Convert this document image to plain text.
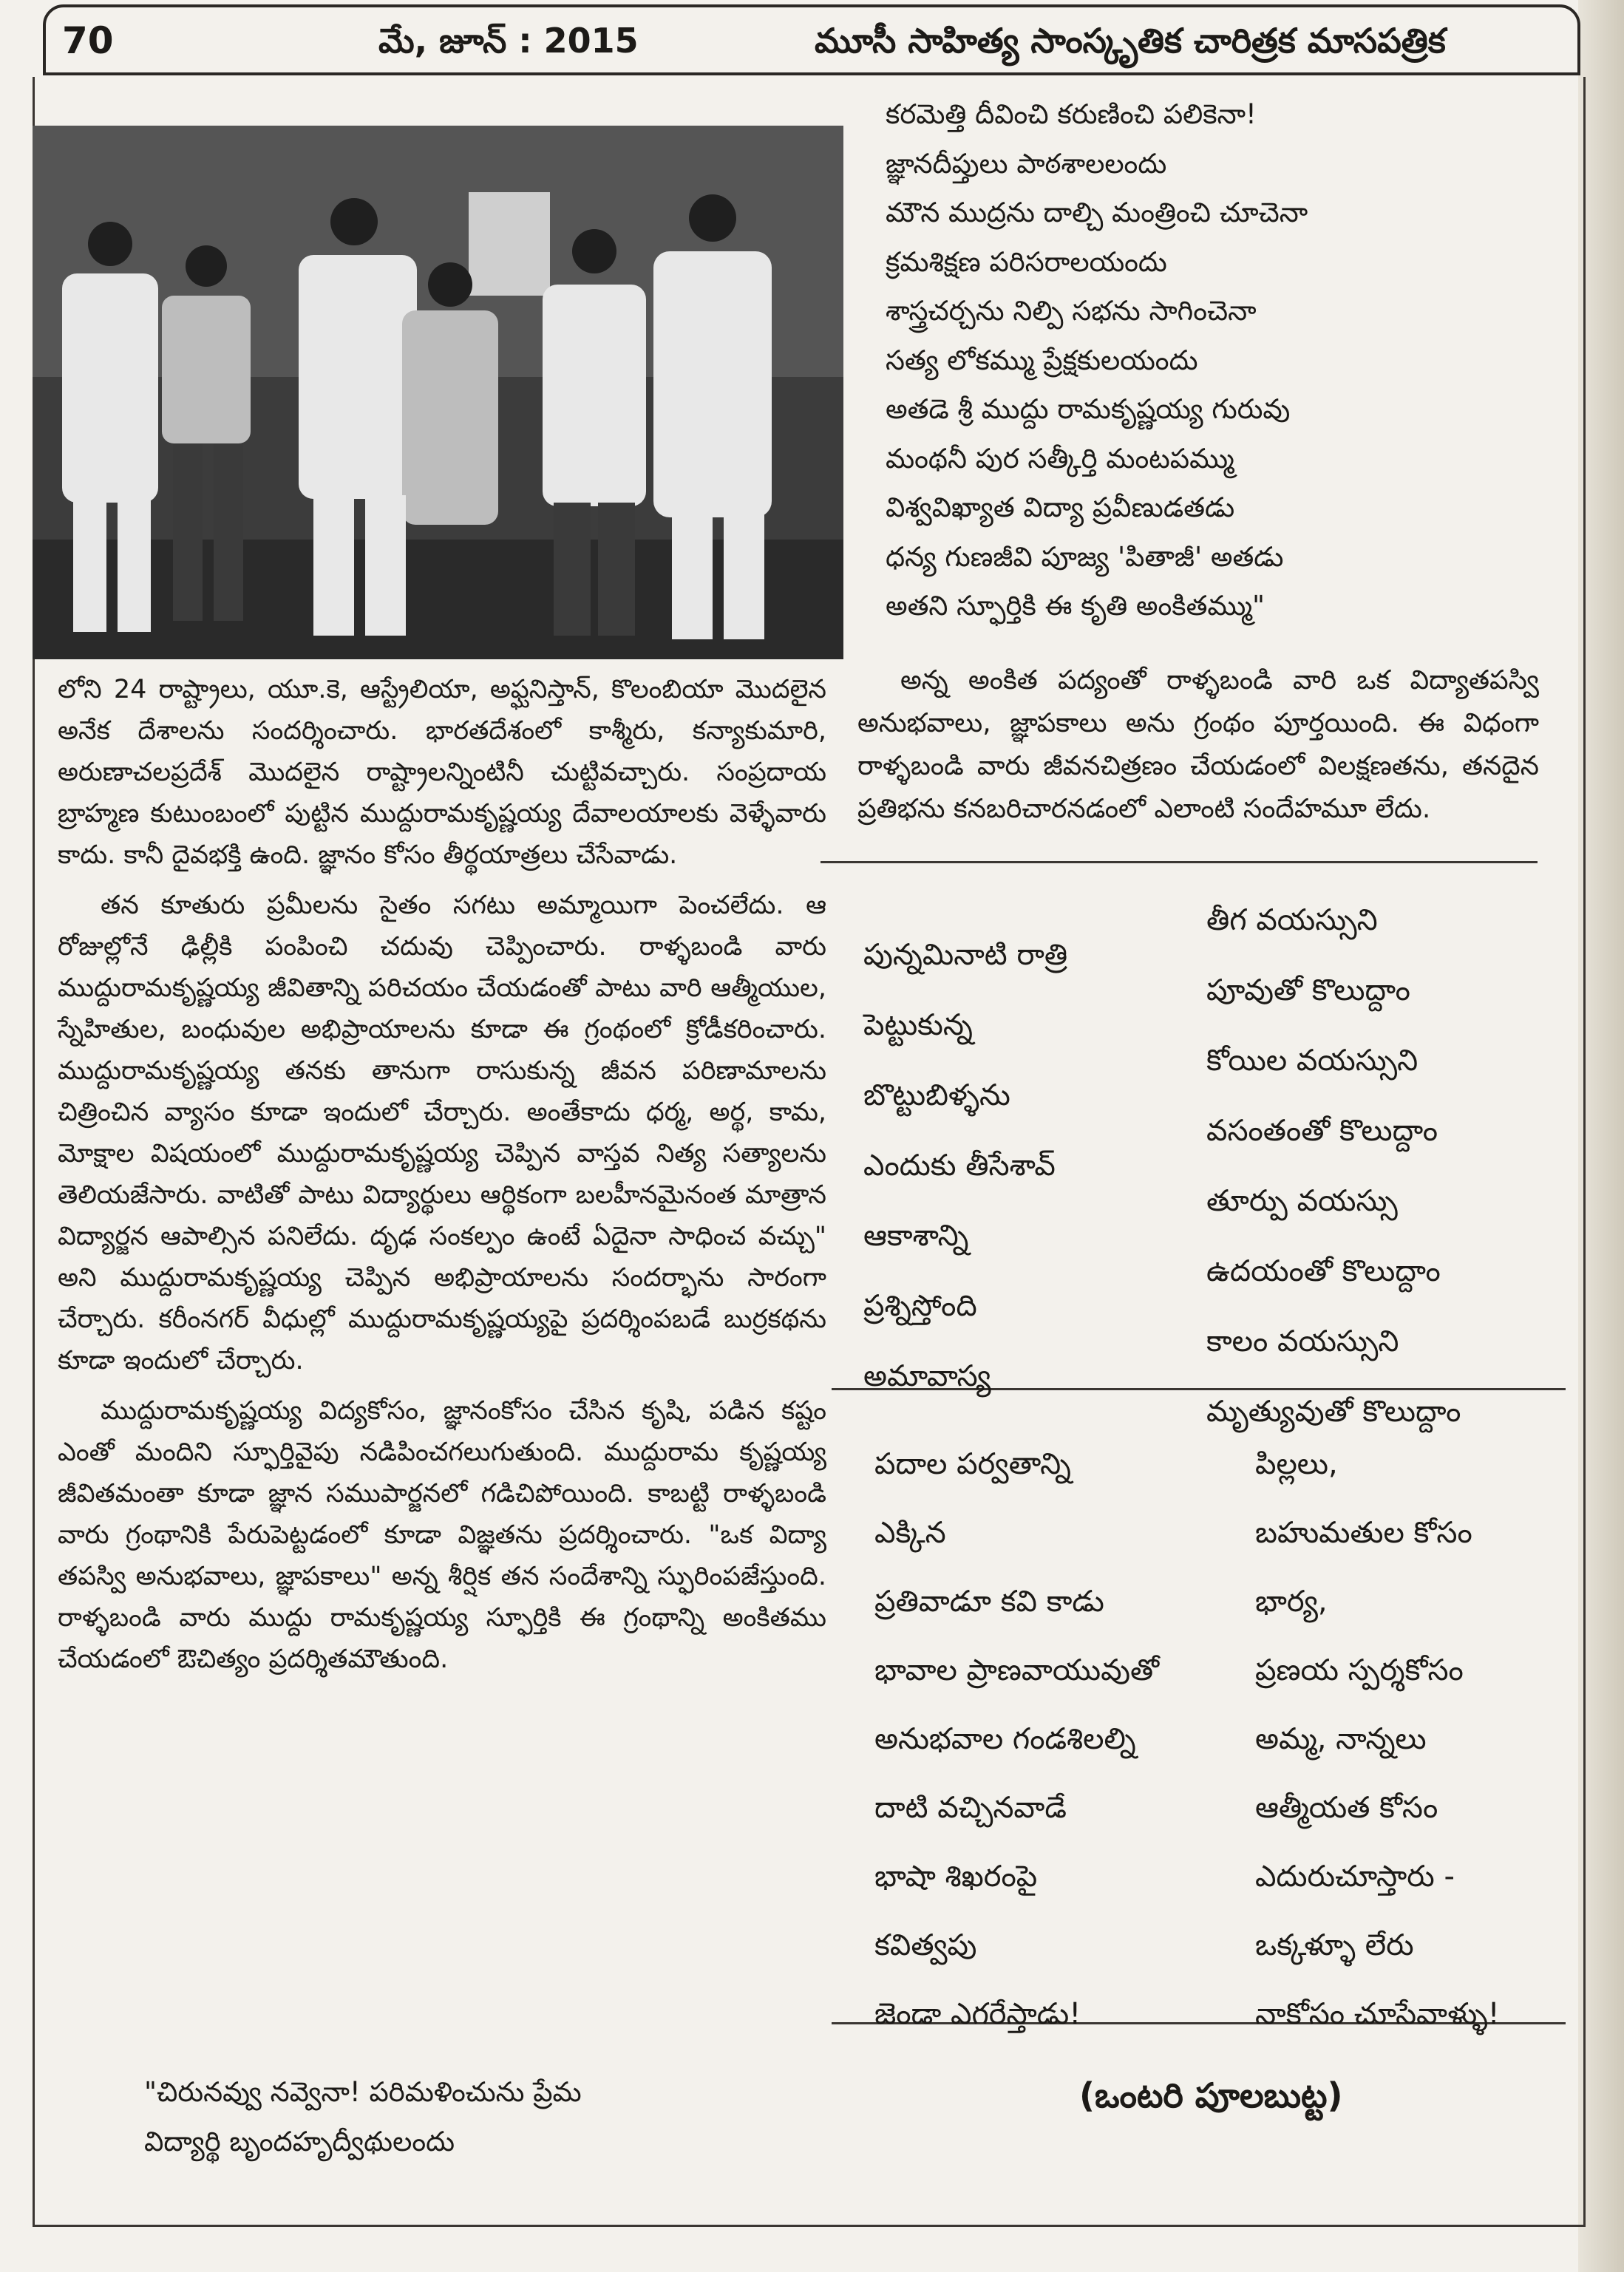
70	మే, జూన్ : 2015	మూసీ సాహిత్య సాంస్కృతిక చారిత్రక మాసపత్రిక
కరమెత్తి దీవించి కరుణించి పలికెనా!
జ్ఞానదీప్తులు పాఠశాలలందు
మౌన ముద్రను దాల్చి మంత్రించి చూచెనా
క్రమశిక్షణ పరిసరాలయందు
శాస్త్రచర్చను నిల్పి సభను సాగించెనా
సత్య లోకమ్ము ప్రేక్షకులయందు
అతడె శ్రీ ముద్దు రామకృష్ణయ్య గురువు
మంథనీ పుర సత్కీర్తి మంటపమ్ము
విశ్వవిఖ్యాత విద్యా ప్రవీణుడతడు
ధన్య గుణజీవి పూజ్య 'పితాజీ' అతడు
అతని స్ఫూర్తికి ఈ కృతి అంకితమ్ము"

అన్న అంకిత పద్యంతో రాళ్ళబండి వారి ఒక విద్యాతపస్వి అనుభవాలు, జ్ఞాపకాలు అను గ్రంథం పూర్తయింది. ఈ విధంగా రాళ్ళబండి వారు జీవనచిత్రణం చేయడంలో విలక్షణతను, తనదైన ప్రతిభను కనబరిచారనడంలో ఎలాంటి సందేహమూ లేదు.

లోని 24 రాష్ట్రాలు, యూ.కె, ఆస్ట్రేలియా, అఫ్ఘనిస్తాన్, కొలంబియా మొదలైన అనేక దేశాలను సందర్శించారు. భారతదేశంలో కాశ్మీరు, కన్యాకుమారి, అరుణాచలప్రదేశ్ మొదలైన రాష్ట్రాలన్నింటినీ చుట్టివచ్చారు. సంప్రదాయ బ్రాహ్మణ కుటుంబంలో పుట్టిన ముద్దురామకృష్ణయ్య దేవాలయాలకు వెళ్ళేవారు కాదు. కానీ దైవభక్తి ఉంది. జ్ఞానం కోసం తీర్థయాత్రలు చేసేవాడు.

తన కూతురు ప్రమీలను సైతం సగటు అమ్మాయిగా పెంచలేదు. ఆ రోజుల్లోనే ఢిల్లీకి పంపించి చదువు చెప్పించారు. రాళ్ళబండి వారు ముద్దురామకృష్ణయ్య జీవితాన్ని పరిచయం చేయడంతో పాటు వారి ఆత్మీయుల, స్నేహితుల, బంధువుల అభిప్రాయాలను కూడా ఈ గ్రంథంలో క్రోడీకరించారు. ముద్దురామకృష్ణయ్య తనకు తానుగా రాసుకున్న జీవన పరిణామాలను చిత్రించిన వ్యాసం కూడా ఇందులో చేర్చారు. అంతేకాదు ధర్మ, అర్థ, కామ, మోక్షాల విషయంలో ముద్దురామకృష్ణయ్య చెప్పిన వాస్తవ నిత్య సత్యాలను తెలియజేసారు. వాటితో పాటు విద్యార్థులు ఆర్థికంగా బలహీనమైనంత మాత్రాన విద్యార్జన ఆపాల్సిన పనిలేదు. దృఢ సంకల్పం ఉంటే ఏదైనా సాధించ వచ్చు" అని ముద్దురామకృష్ణయ్య చెప్పిన అభిప్రాయాలను సందర్భాను సారంగా చేర్చారు. కరీంనగర్ వీధుల్లో ముద్దురామకృష్ణయ్యపై ప్రదర్శింపబడే బుర్రకథను కూడా ఇందులో చేర్చారు.

ముద్దురామకృష్ణయ్య విద్యకోసం, జ్ఞానంకోసం చేసిన కృషి, పడిన కష్టం ఎంతో మందిని స్ఫూర్తివైపు నడిపించగలుగుతుంది. ముద్దురామ కృష్ణయ్య జీవితమంతా కూడా జ్ఞాన సముపార్జనలో గడిచిపోయింది. కాబట్టి రాళ్ళబండి వారు గ్రంథానికి పేరుపెట్టడంలో కూడా విజ్ఞతను ప్రదర్శించారు. "ఒక విద్యా తపస్వి అనుభవాలు, జ్ఞాపకాలు" అన్న శీర్షిక తన సందేశాన్ని స్ఫురింపజేస్తుంది. రాళ్ళబండి వారు ముద్దు రామకృష్ణయ్య స్ఫూర్తికి ఈ గ్రంథాన్ని అంకితము చేయడంలో ఔచిత్యం ప్రదర్శితమౌతుంది.

"చిరునవ్వు నవ్వెనా! పరిమళించును ప్రేమ
విద్యార్థి బృందహృద్వీథులందు
పున్నమినాటి రాత్రి
పెట్టుకున్న
బొట్టుబిళ్ళను
ఎందుకు తీసేశావ్
ఆకాశాన్ని
ప్రశ్నిస్తోంది
అమావాస్య
తీగ వయస్సుని
పూవుతో కొలుద్దాం
కోయిల వయస్సుని
వసంతంతో కొలుద్దాం
తూర్పు వయస్సు
ఉదయంతో కొలుద్దాం
కాలం వయస్సుని
మృత్యువుతో కొలుద్దాం
పదాల పర్వతాన్ని
ఎక్కిన
ప్రతివాడూ కవి కాడు
భావాల ప్రాణవాయువుతో
అనుభవాల గండశిలల్ని
దాటి వచ్చినవాడే
భాషా శిఖరంపై
కవిత్వపు
జెండా ఎగరేస్తాడు!
పిల్లలు,
బహుమతుల కోసం
భార్య,
ప్రణయ స్పర్శకోసం
అమ్మ, నాన్నలు
ఆత్మీయత కోసం
ఎదురుచూస్తారు -
ఒక్కళ్ళూ లేరు
నాకోసం చూసేవాళ్ళు!
(ఒంటరి పూలబుట్ట)
